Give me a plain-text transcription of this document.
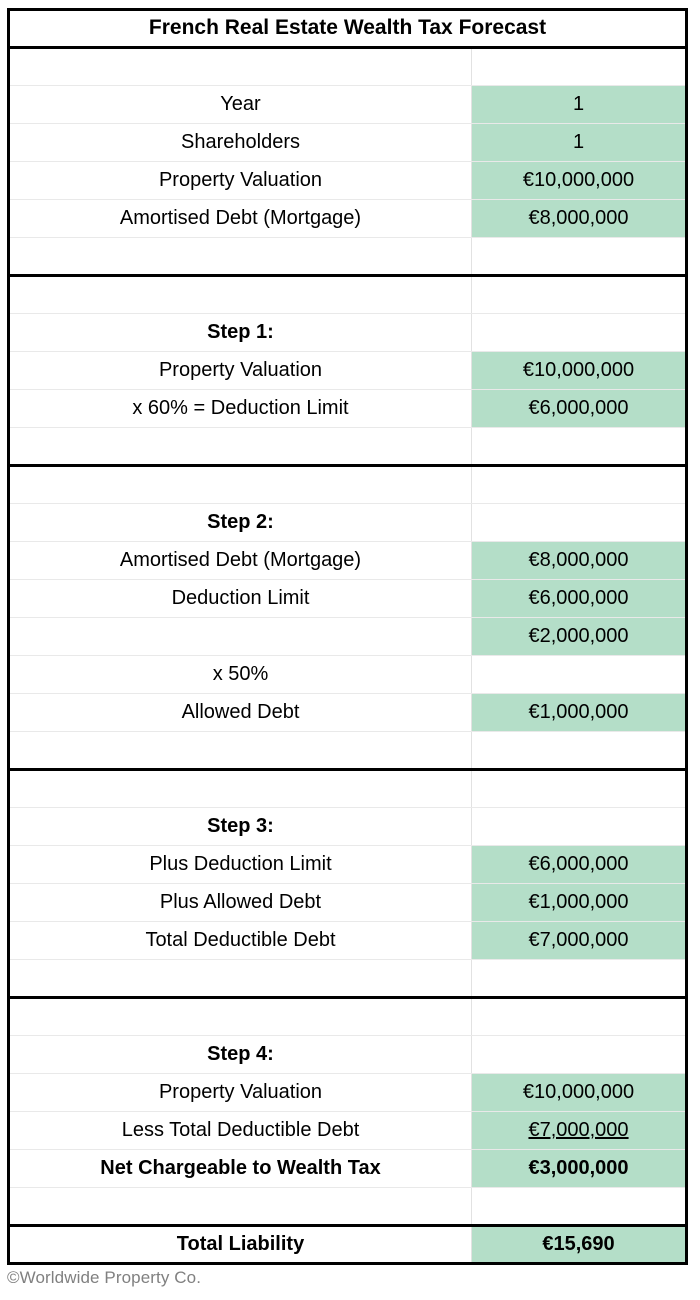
French Real Estate Wealth Tax Forecast	

Year	1
Shareholders	1
Property Valuation	€10,000,000
Amortised Debt (Mortgage)	€8,000,000

Step 1:	
Property Valuation	€10,000,000
x 60% = Deduction Limit	€6,000,000

Step 2:	
Amortised Debt (Mortgage)	€8,000,000
Deduction Limit	€6,000,000
	€2,000,000
x 50%	
Allowed Debt	€1,000,000

Step 3:	
Plus Deduction Limit	€6,000,000
Plus Allowed Debt	€1,000,000
Total Deductible Debt	€7,000,000

Step 4:	
Property Valuation	€10,000,000
Less Total Deductible Debt	€7,000,000
Net Chargeable to Wealth Tax	€3,000,000

Total Liability	€15,690
©Worldwide Property Co.
